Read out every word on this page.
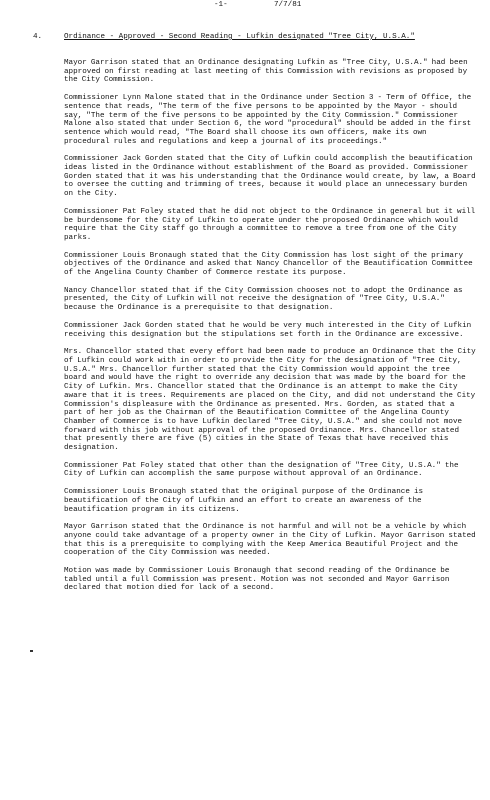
-1-	7/7/81
4.	Ordinance - Approved - Second Reading - Lufkin designated "Tree City, U.S.A."

Mayor Garrison stated that an Ordinance designating Lufkin as "Tree City, U.S.A." had been approved on first reading at last meeting of this Commission with revisions as proposed by the City Commission.

Commissioner Lynn Malone stated that in the Ordinance under Section 3 - Term of Office, the sentence that reads, "The term of the five persons to be appointed by the Mayor - should say, "The term of the five persons to be appointed by the City Commission." Commissioner Malone also stated that under Section 6, the word "procedural" should be added in the first sentence which would read, "The Board shall choose its own officers, make its own procedural rules and regulations and keep a journal of its proceedings."

Commissioner Jack Gorden stated that the City of Lufkin could accomplish the beautification ideas listed in the Ordinance without establishment of the Board as provided. Commissioner Gorden stated that it was his understanding that the Ordinance would create, by law, a Board to oversee the cutting and trimming of trees, because it would place an unnecessary burden on the City.

Commissioner Pat Foley stated that he did not object to the Ordinance in general but it will be burdensome for the City of Lufkin to operate under the proposed Ordinance which would require that the City staff go through a committee to remove a tree from one of the City parks.

Commissioner Louis Bronaugh stated that the City Commission has lost sight of the primary objectives of the Ordinance and asked that Nancy Chancellor of the Beautification Committee of the Angelina County Chamber of Commerce restate its purpose.

Nancy Chancellor stated that if the City Commission chooses not to adopt the Ordinance as presented, the City of Lufkin will not receive the designation of "Tree City, U.S.A." because the Ordinance is a prerequisite to that designation.

Commissioner Jack Gorden stated that he would be very much interested in the City of Lufkin receiving this designation but the stipulations set forth in the Ordinance are excessive.

Mrs. Chancellor stated that every effort had been made to produce an Ordinance that the City of Lufkin could work with in order to provide the City for the designation of "Tree City, U.S.A." Mrs. Chancellor further stated that the City Commission would appoint the tree board and would have the right to override any decision that was made by the board for the City of Lufkin. Mrs. Chancellor stated that the Ordinance is an attempt to make the City aware that it is trees. Requirements are placed on the City, and did not understand the City Commission's displeasure with the Ordinance as presented. Mrs. Gorden, as stated that a part of her job as the Chairman of the Beautification Committee of the Angelina County Chamber of Commerce is to have Lufkin declared "Tree City, U.S.A." and she could not move forward with this job without approval of the proposed Ordinance. Mrs. Chancellor stated that presently there are five (5) cities in the State of Texas that have received this designation.

Commissioner Pat Foley stated that other than the designation of "Tree City, U.S.A." the City of Lufkin can accomplish the same purpose without approval of an Ordinance.

Commissioner Louis Bronaugh stated that the original purpose of the Ordinance is beautification of the City of Lufkin and an effort to create an awareness of the beautification program in its citizens.

Mayor Garrison stated that the Ordinance is not harmful and will not be a vehicle by which anyone could take advantage of a property owner in the City of Lufkin. Mayor Garrison stated that this is a prerequisite to complying with the Keep America Beautiful Project and the cooperation of the City Commission was needed.

Motion was made by Commissioner Louis Bronaugh that second reading of the Ordinance be tabled until a full Commission was present. Motion was not seconded and Mayor Garrison declared that motion died for lack of a second.
